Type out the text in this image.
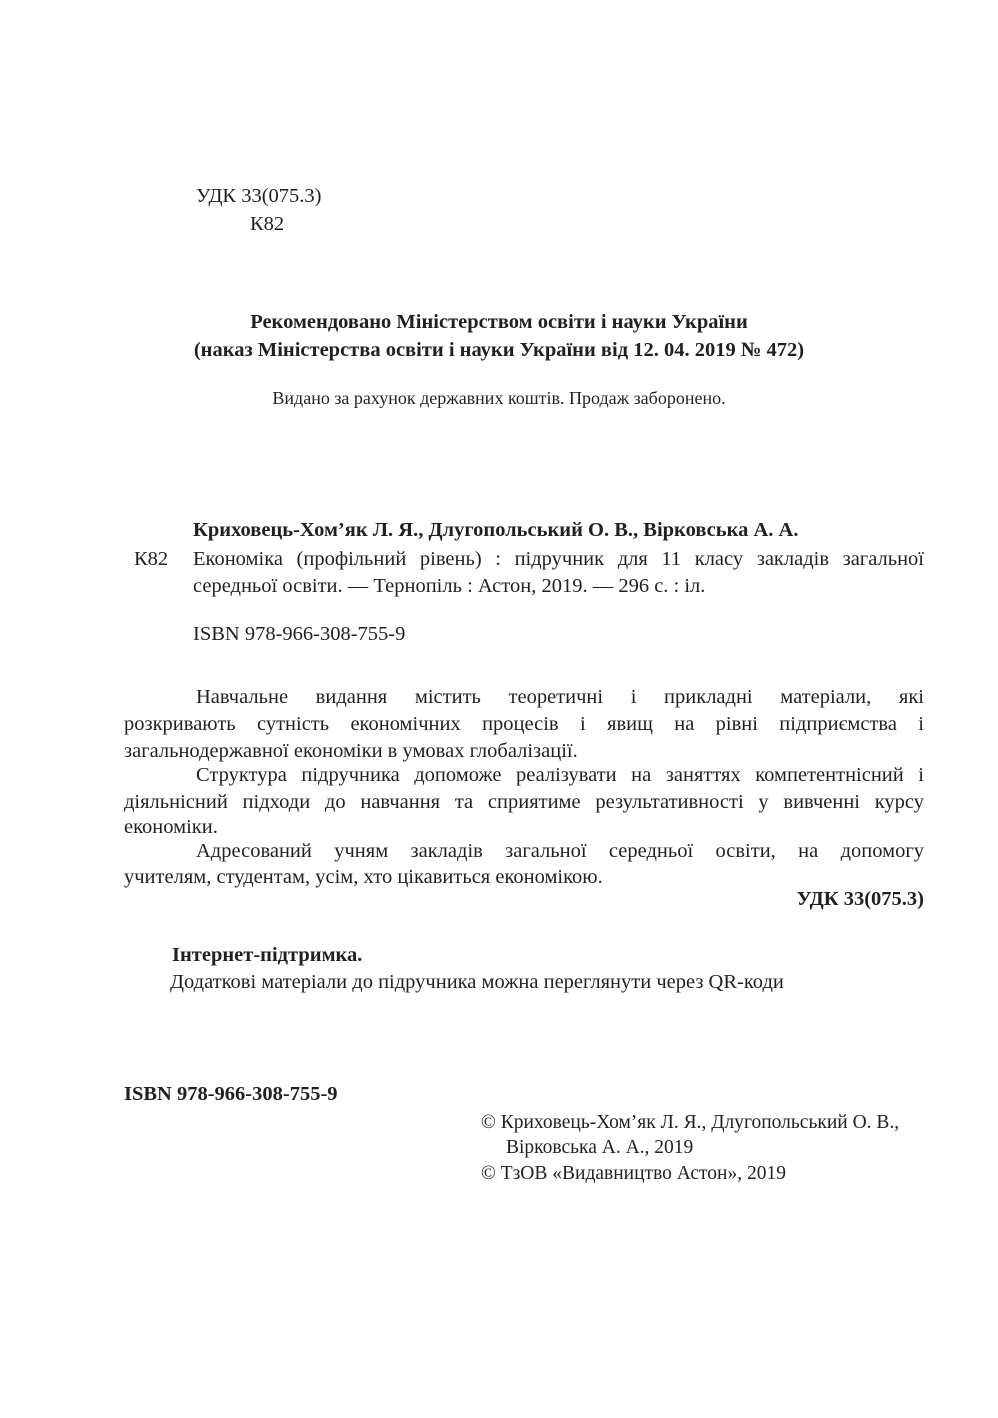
УДК 33(075.3)
К82
Рекомендовано Міністерством освіти і науки України
(наказ Міністерства освіти і науки України від 12. 04. 2019 № 472)
Видано за рахунок державних коштів. Продаж заборонено.
Криховець-Хом’як Л. Я., Длугопольський О. В., Вірковська А. А.
К82 Економіка (профільний рівень) : підручник для 11 класу закладів загальної
середньої освіти. — Тернопіль : Астон, 2019. — 296 с. : іл.
ISBN 978-966-308-755-9
Навчальне видання містить теоретичні і прикладні матеріали, які
розкривають сутність економічних процесів і явищ на рівні підприємства і
загальнодержавної економіки в умовах глобалізації.
Структура підручника допоможе реалізувати на заняттях компетентнісний і
діяльнісний підходи до навчання та сприятиме результативності у вивченні курсу
економіки.
Адресований учням закладів загальної середньої освіти, на допомогу
учителям, студентам, усім, хто цікавиться економікою.
УДК 33(075.3)
Інтернет-підтримка.
Додаткові матеріали до підручника можна переглянути через QR-коди
ISBN 978-966-308-755-9
© Криховець-Хом’як Л. Я., Длугопольський О. В.,
Вірковська А. А., 2019
© ТзОВ «Видавництво Астон», 2019
